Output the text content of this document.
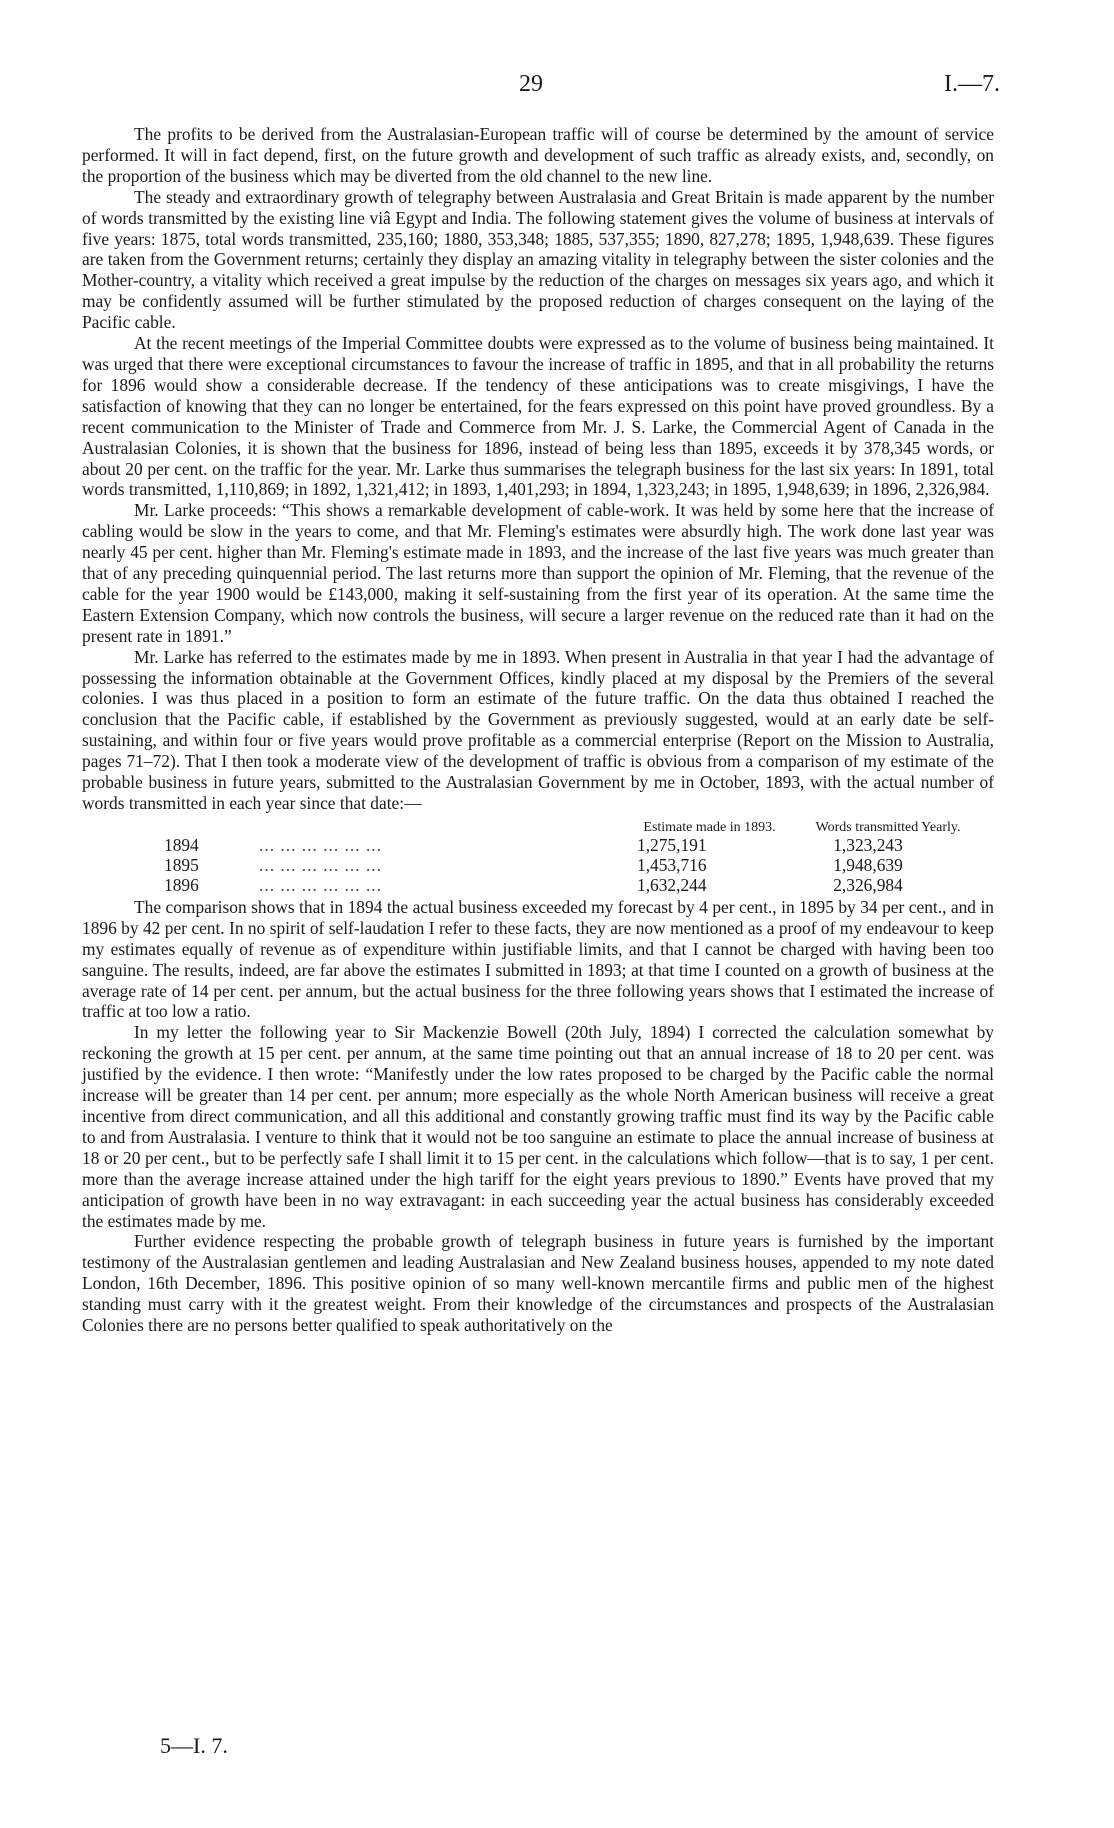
29	I.—7.

The profits to be derived from the Australasian-European traffic will of course be determined by the amount of service performed. It will in fact depend, first, on the future growth and development of such traffic as already exists, and, secondly, on the proportion of the business which may be diverted from the old channel to the new line.

The steady and extraordinary growth of telegraphy between Australasia and Great Britain is made apparent by the number of words transmitted by the existing line viâ Egypt and India. The following statement gives the volume of business at intervals of five years: 1875, total words transmitted, 235,160; 1880, 353,348; 1885, 537,355; 1890, 827,278; 1895, 1,948,639. These figures are taken from the Government returns; certainly they display an amazing vitality in telegraphy between the sister colonies and the Mother-country, a vitality which received a great impulse by the reduction of the charges on messages six years ago, and which it may be confidently assumed will be further stimulated by the proposed reduction of charges consequent on the laying of the Pacific cable.

At the recent meetings of the Imperial Committee doubts were expressed as to the volume of business being maintained. It was urged that there were exceptional circumstances to favour the increase of traffic in 1895, and that in all probability the returns for 1896 would show a considerable decrease. If the tendency of these anticipations was to create misgivings, I have the satisfaction of knowing that they can no longer be entertained, for the fears expressed on this point have proved groundless. By a recent communication to the Minister of Trade and Commerce from Mr. J. S. Larke, the Commercial Agent of Canada in the Australasian Colonies, it is shown that the business for 1896, instead of being less than 1895, exceeds it by 378,345 words, or about 20 per cent. on the traffic for the year. Mr. Larke thus summarises the telegraph business for the last six years: In 1891, total words transmitted, 1,110,869; in 1892, 1,321,412; in 1893, 1,401,293; in 1894, 1,323,243; in 1895, 1,948,639; in 1896, 2,326,984.

Mr. Larke proceeds: “This shows a remarkable development of cable-work. It was held by some here that the increase of cabling would be slow in the years to come, and that Mr. Fleming's estimates were absurdly high. The work done last year was nearly 45 per cent. higher than Mr. Fleming's estimate made in 1893, and the increase of the last five years was much greater than that of any preceding quinquennial period. The last returns more than support the opinion of Mr. Fleming, that the revenue of the cable for the year 1900 would be £143,000, making it self-sustaining from the first year of its operation. At the same time the Eastern Extension Company, which now controls the business, will secure a larger revenue on the reduced rate than it had on the present rate in 1891.”

Mr. Larke has referred to the estimates made by me in 1893. When present in Australia in that year I had the advantage of possessing the information obtainable at the Government Offices, kindly placed at my disposal by the Premiers of the several colonies. I was thus placed in a position to form an estimate of the future traffic. On the data thus obtained I reached the conclusion that the Pacific cable, if established by the Government as previously suggested, would at an early date be self-sustaining, and within four or five years would prove profitable as a commercial enterprise (Report on the Mission to Australia, pages 71–72). That I then took a moderate view of the development of traffic is obvious from a comparison of my estimate of the probable business in future years, submitted to the Australasian Government by me in October, 1893, with the actual number of words transmitted in each year since that date:—

		Estimate made in 1893.	Words transmitted Yearly.
1894	... ... ... ... ... ...	1,275,191	1,323,243
1895	... ... ... ... ... ...	1,453,716	1,948,639
1896	... ... ... ... ... ...	1,632,244	2,326,984

The comparison shows that in 1894 the actual business exceeded my forecast by 4 per cent., in 1895 by 34 per cent., and in 1896 by 42 per cent. In no spirit of self-laudation I refer to these facts, they are now mentioned as a proof of my endeavour to keep my estimates equally of revenue as of expenditure within justifiable limits, and that I cannot be charged with having been too sanguine. The results, indeed, are far above the estimates I submitted in 1893; at that time I counted on a growth of business at the average rate of 14 per cent. per annum, but the actual business for the three following years shows that I estimated the increase of traffic at too low a ratio.

In my letter the following year to Sir Mackenzie Bowell (20th July, 1894) I corrected the calculation somewhat by reckoning the growth at 15 per cent. per annum, at the same time pointing out that an annual increase of 18 to 20 per cent. was justified by the evidence. I then wrote: “Manifestly under the low rates proposed to be charged by the Pacific cable the normal increase will be greater than 14 per cent. per annum; more especially as the whole North American business will receive a great incentive from direct communication, and all this additional and constantly growing traffic must find its way by the Pacific cable to and from Australasia. I venture to think that it would not be too sanguine an estimate to place the annual increase of business at 18 or 20 per cent., but to be perfectly safe I shall limit it to 15 per cent. in the calculations which follow—that is to say, 1 per cent. more than the average increase attained under the high tariff for the eight years previous to 1890.” Events have proved that my anticipation of growth have been in no way extravagant: in each succeeding year the actual business has considerably exceeded the estimates made by me.

Further evidence respecting the probable growth of telegraph business in future years is furnished by the important testimony of the Australasian gentlemen and leading Australasian and New Zealand business houses, appended to my note dated London, 16th December, 1896. This positive opinion of so many well-known mercantile firms and public men of the highest standing must carry with it the greatest weight. From their knowledge of the circumstances and prospects of the Australasian Colonies there are no persons better qualified to speak authoritatively on the

5—I. 7.
